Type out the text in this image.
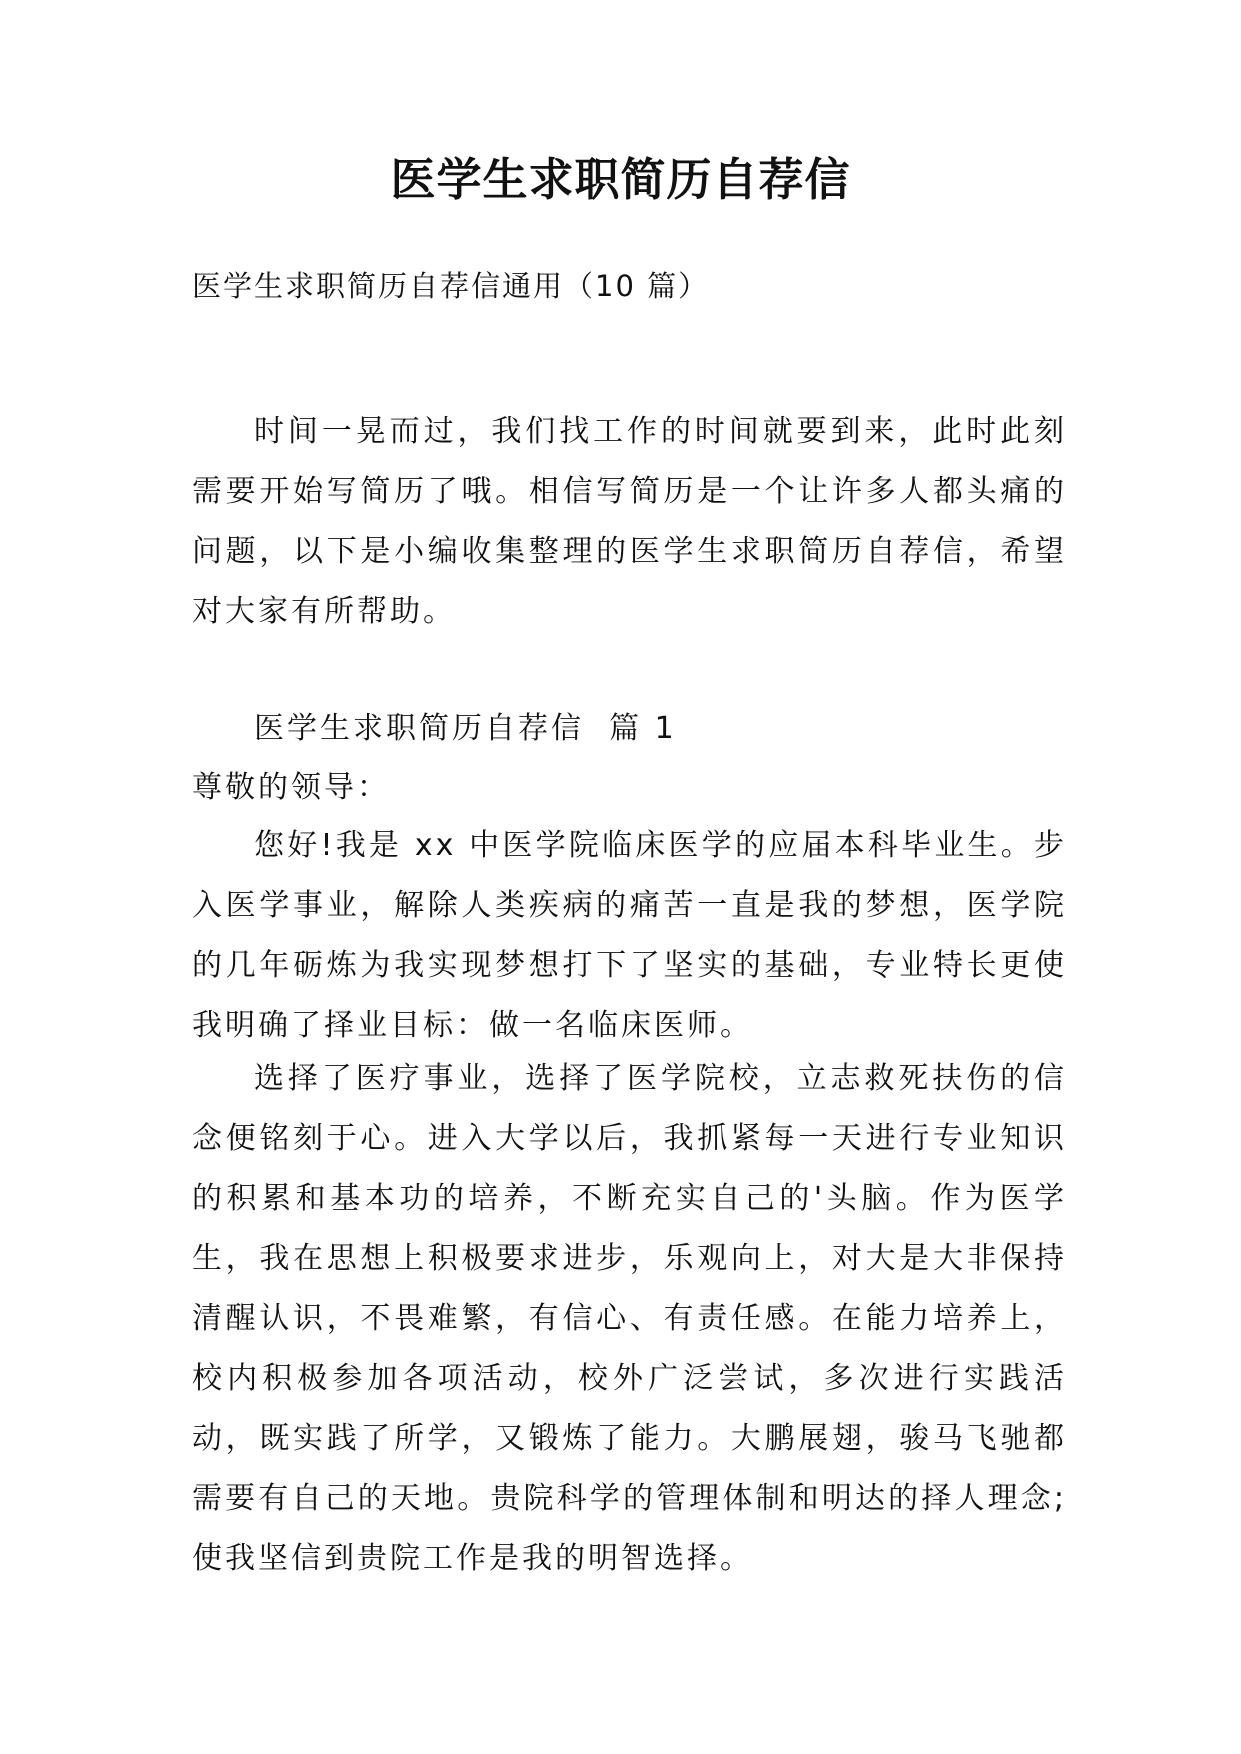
医学生求职简历自荐信
医学生求职简历自荐信通用（10 篇）
时间一晃而过，我们找工作的时间就要到来，此时此刻需要开始写简历了哦。相信写简历是一个让许多人都头痛的问题，以下是小编收集整理的医学生求职简历自荐信，希望对大家有所帮助。
医学生求职简历自荐信  篇 1
尊敬的领导：
您好!我是 xx 中医学院临床医学的应届本科毕业生。步入医学事业，解除人类疾病的痛苦一直是我的梦想，医学院的几年砺炼为我实现梦想打下了坚实的基础，专业特长更使我明确了择业目标：做一名临床医师。
选择了医疗事业，选择了医学院校，立志救死扶伤的信念便铭刻于心。进入大学以后，我抓紧每一天进行专业知识的积累和基本功的培养，不断充实自己的'头脑。作为医学生，我在思想上积极要求进步，乐观向上，对大是大非保持清醒认识，不畏难繁，有信心、有责任感。在能力培养上，校内积极参加各项活动，校外广泛尝试，多次进行实践活动，既实践了所学，又锻炼了能力。大鹏展翅，骏马飞驰都需要有自己的天地。贵院科学的管理体制和明达的择人理念;使我坚信到贵院工作是我的明智选择。
